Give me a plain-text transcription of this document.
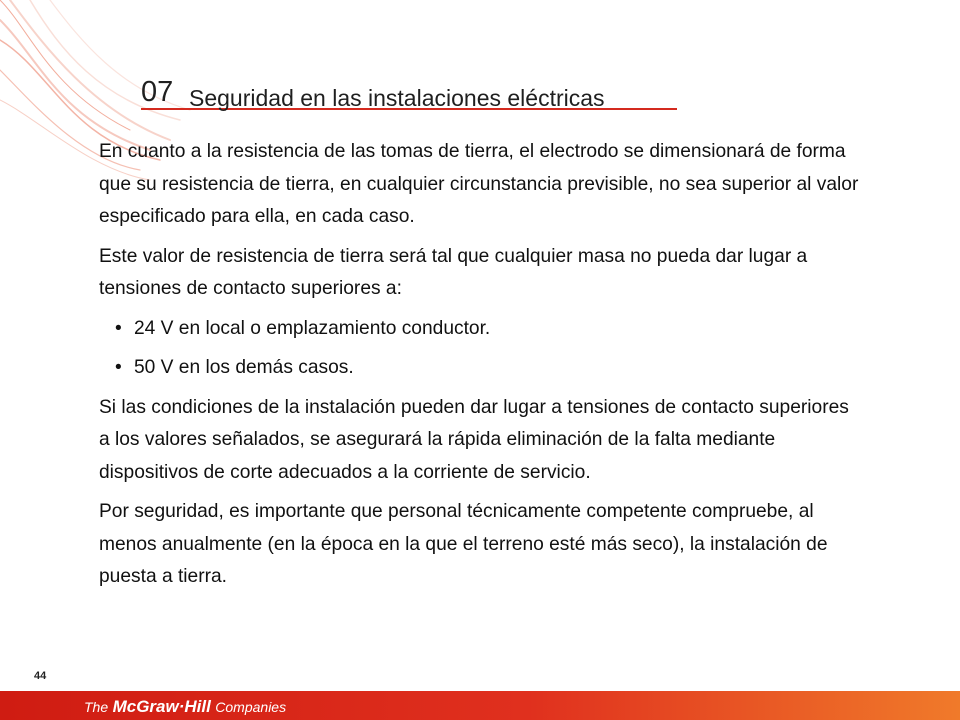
07 Seguridad en las instalaciones eléctricas

En cuanto a la resistencia de las tomas de tierra, el electrodo se dimensionará de forma que su resistencia de tierra, en cualquier circunstancia previsible, no sea superior al valor especificado para ella, en cada caso.

Este valor de resistencia de tierra será tal que cualquier masa no pueda dar lugar a tensiones de contacto superiores a:

• 24 V en local o emplazamiento conductor.
• 50 V en los demás casos.

Si las condiciones de la instalación pueden dar lugar a tensiones de contacto superiores a los valores señalados, se asegurará la rápida eliminación de la falta mediante dispositivos de corte adecuados a la corriente de servicio.

Por seguridad, es importante que personal técnicamente competente compruebe, al menos anualmente (en la época en la que el terreno esté más seco), la instalación de puesta a tierra.

44
The McGraw·Hill Companies
